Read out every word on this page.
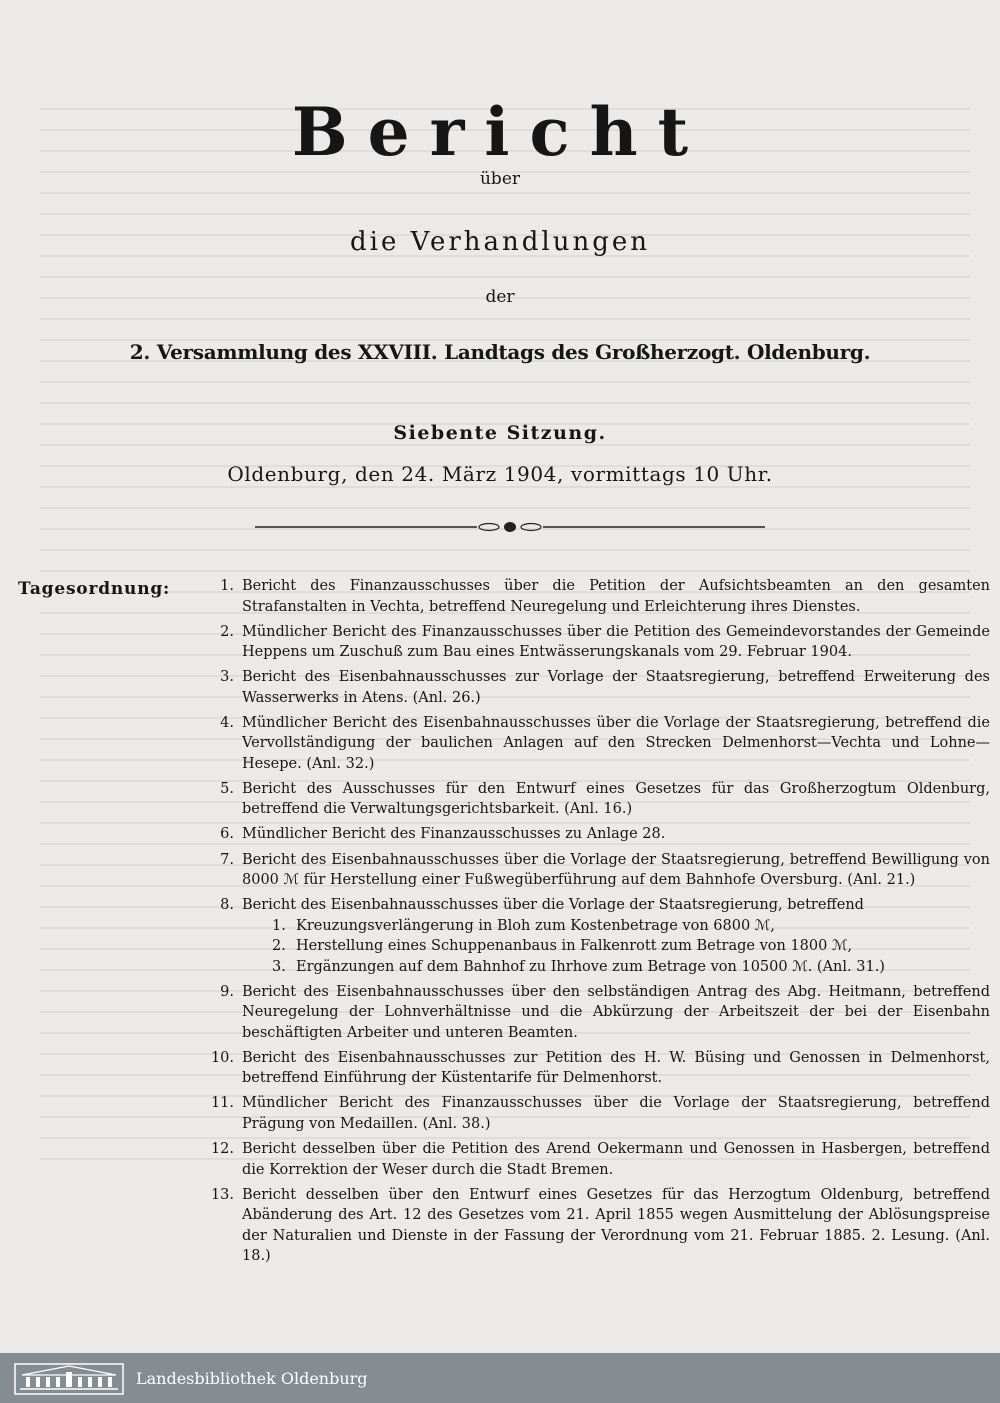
Bericht
über
die Verhandlungen
der
2. Versammlung des XXVIII. Landtags des Großherzogt. Oldenburg.
Siebente Sitzung.
Oldenburg, den 24. März 1904, vormittags 10 Uhr.
Tagesordnung:	1. Bericht des Finanzausschusses über die Petition der Aufsichtsbeamten an den gesamten Strafanstalten in Vechta, betreffend Neuregelung und Erleichterung ihres Dienstes.
2. Mündlicher Bericht des Finanzausschusses über die Petition des Gemeindevorstandes der Gemeinde Heppens um Zuschuß zum Bau eines Entwässerungskanals vom 29. Februar 1904.
3. Bericht des Eisenbahnausschusses zur Vorlage der Staatsregierung, betreffend Erweiterung des Wasserwerks in Atens. (Anl. 26.)
4. Mündlicher Bericht des Eisenbahnausschusses über die Vorlage der Staatsregierung, betreffend die Vervollständigung der baulichen Anlagen auf den Strecken Delmenhorst—Vechta und Lohne—Hesepe. (Anl. 32.)
5. Bericht des Ausschusses für den Entwurf eines Gesetzes für das Großherzogtum Oldenburg, betreffend die Verwaltungsgerichtsbarkeit. (Anl. 16.)
6. Mündlicher Bericht des Finanzausschusses zu Anlage 28.
7. Bericht des Eisenbahnausschusses über die Vorlage der Staatsregierung, betreffend Bewilligung von 8000 ℳ für Herstellung einer Fußwegüberführung auf dem Bahnhofe Oversburg. (Anl. 21.)
8. Bericht des Eisenbahnausschusses über die Vorlage der Staatsregierung, betreffend
1. Kreuzungsverlängerung in Bloh zum Kostenbetrage von 6800 ℳ,
2. Herstellung eines Schuppenanbaus in Falkenrott zum Betrage von 1800 ℳ,
3. Ergänzungen auf dem Bahnhof zu Ihrhove zum Betrage von 10500 ℳ. (Anl. 31.)
9. Bericht des Eisenbahnausschusses über den selbständigen Antrag des Abg. Heitmann, betreffend Neuregelung der Lohnverhältnisse und die Abkürzung der Arbeitszeit der bei der Eisenbahn beschäftigten Arbeiter und unteren Beamten.
10. Bericht des Eisenbahnausschusses zur Petition des H. W. Büsing und Genossen in Delmenhorst, betreffend Einführung der Küstentarife für Delmenhorst.
11. Mündlicher Bericht des Finanzausschusses über die Vorlage der Staatsregierung, betreffend Prägung von Medaillen. (Anl. 38.)
12. Bericht desselben über die Petition des Arend Oekermann und Genossen in Hasbergen, betreffend die Korrektion der Weser durch die Stadt Bremen.
13. Bericht desselben über den Entwurf eines Gesetzes für das Herzogtum Oldenburg, betreffend Abänderung des Art. 12 des Gesetzes vom 21. April 1855 wegen Ausmittelung der Ablösungspreise der Naturalien und Dienste in der Fassung der Verordnung vom 21. Februar 1885. 2. Lesung. (Anl. 18.)
Landesbibliothek Oldenburg
